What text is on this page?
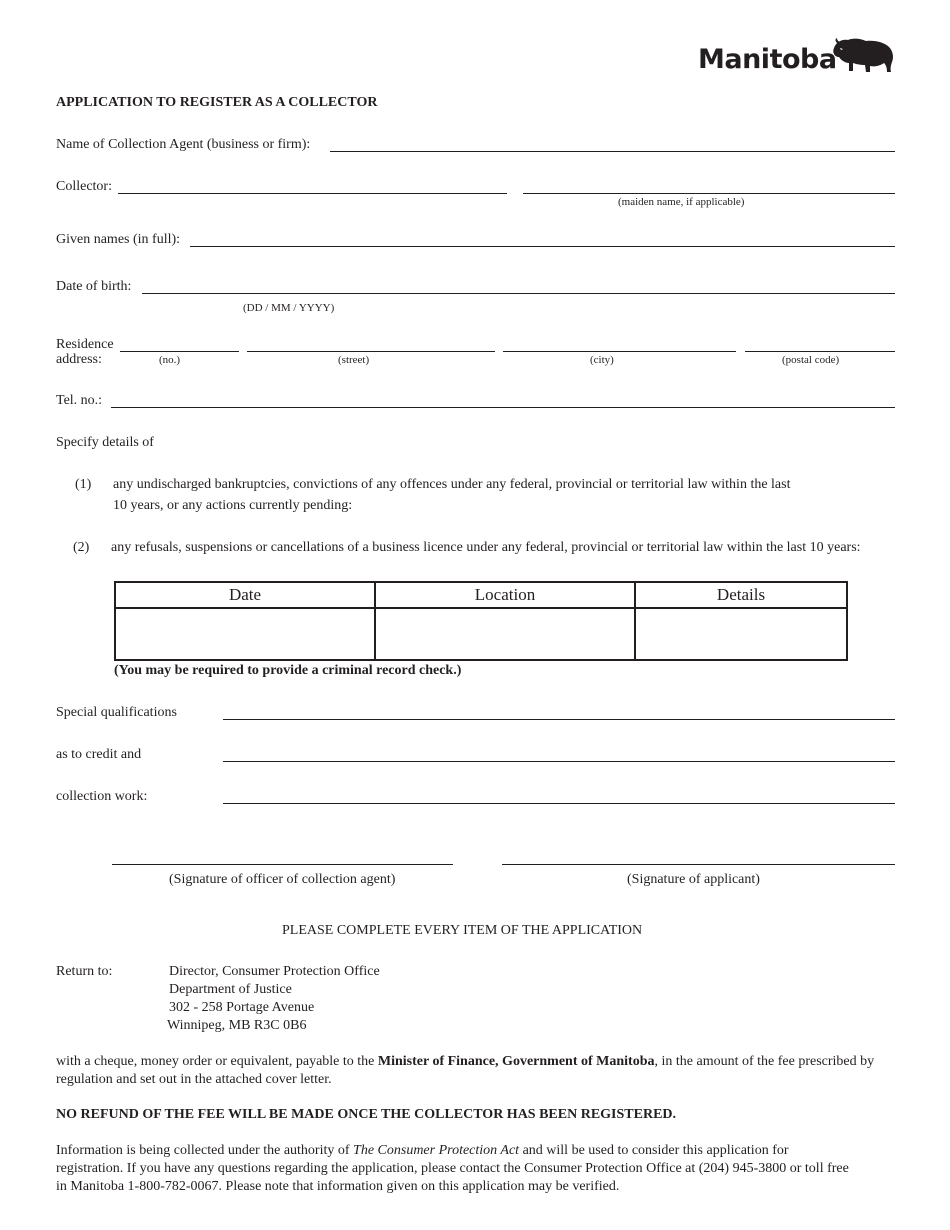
Manitoba
APPLICATION TO REGISTER AS A COLLECTOR
Name of Collection Agent (business or firm):
Collector:
(maiden name, if applicable)
Given names (in full):
Date of birth:
(DD / MM / YYYY)
Residence
address:	(no.)	(street)	(city)	(postal code)
Tel. no.:
Specify details of
(1) any undischarged bankruptcies, convictions of any offences under any federal, provincial or territorial law within the last
10 years, or any actions currently pending:
(2) any refusals, suspensions or cancellations of a business licence under any federal, provincial or territorial law within the last 10 years:
Date	Location	Details

(You may be required to provide a criminal record check.)
Special qualifications
as to credit and
collection work:
(Signature of officer of collection agent)	(Signature of applicant)
PLEASE COMPLETE EVERY ITEM OF THE APPLICATION
Return to:	Director, Consumer Protection Office
Department of Justice
302 - 258 Portage Avenue
Winnipeg, MB R3C 0B6
with a cheque, money order or equivalent, payable to the Minister of Finance, Government of Manitoba, in the amount of the fee prescribed by regulation and set out in the attached cover letter.
NO REFUND OF THE FEE WILL BE MADE ONCE THE COLLECTOR HAS BEEN REGISTERED.
Information is being collected under the authority of The Consumer Protection Act and will be used to consider this application for registration. If you have any questions regarding the application, please contact the Consumer Protection Office at (204) 945-3800 or toll free in Manitoba 1-800-782-0067. Please note that information given on this application may be verified.
